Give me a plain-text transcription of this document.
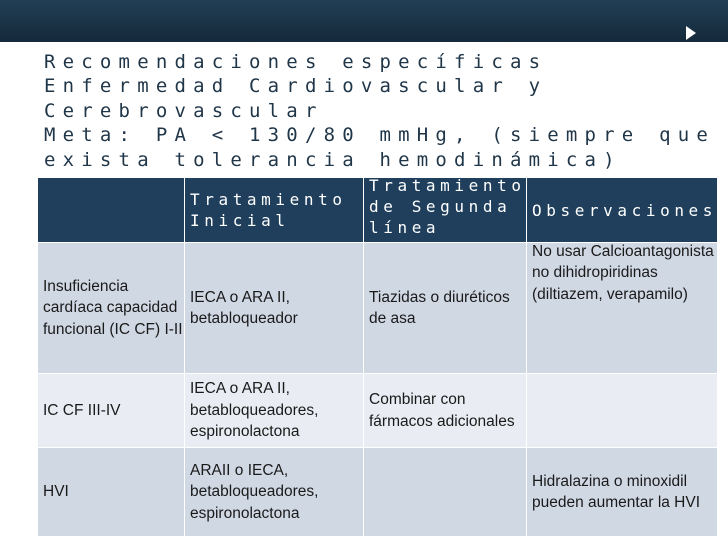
Recomendaciones específicas
Enfermedad Cardiovascular y
Cerebrovascular
Meta: PA < 130/80 mmHg, (siempre que
exista tolerancia hemodinámica)

	Tratamiento Inicial	Tratamiento de Segunda línea	Observaciones

Insuficiencia cardíaca capacidad funcional (IC CF) I-II	IECA o ARA II, betabloqueador	Tiazidas o diuréticos de asa	No usar Calcioantagonista no dihidropiridinas (diltiazem, verapamilo)

IC CF III-IV	IECA o ARA II, betabloqueadores, espironolactona	Combinar con fármacos adicionales	
HVI	ARAII o IECA, betabloqueadores, espironolactona		Hidralazina o minoxidil pueden aumentar la HVI
